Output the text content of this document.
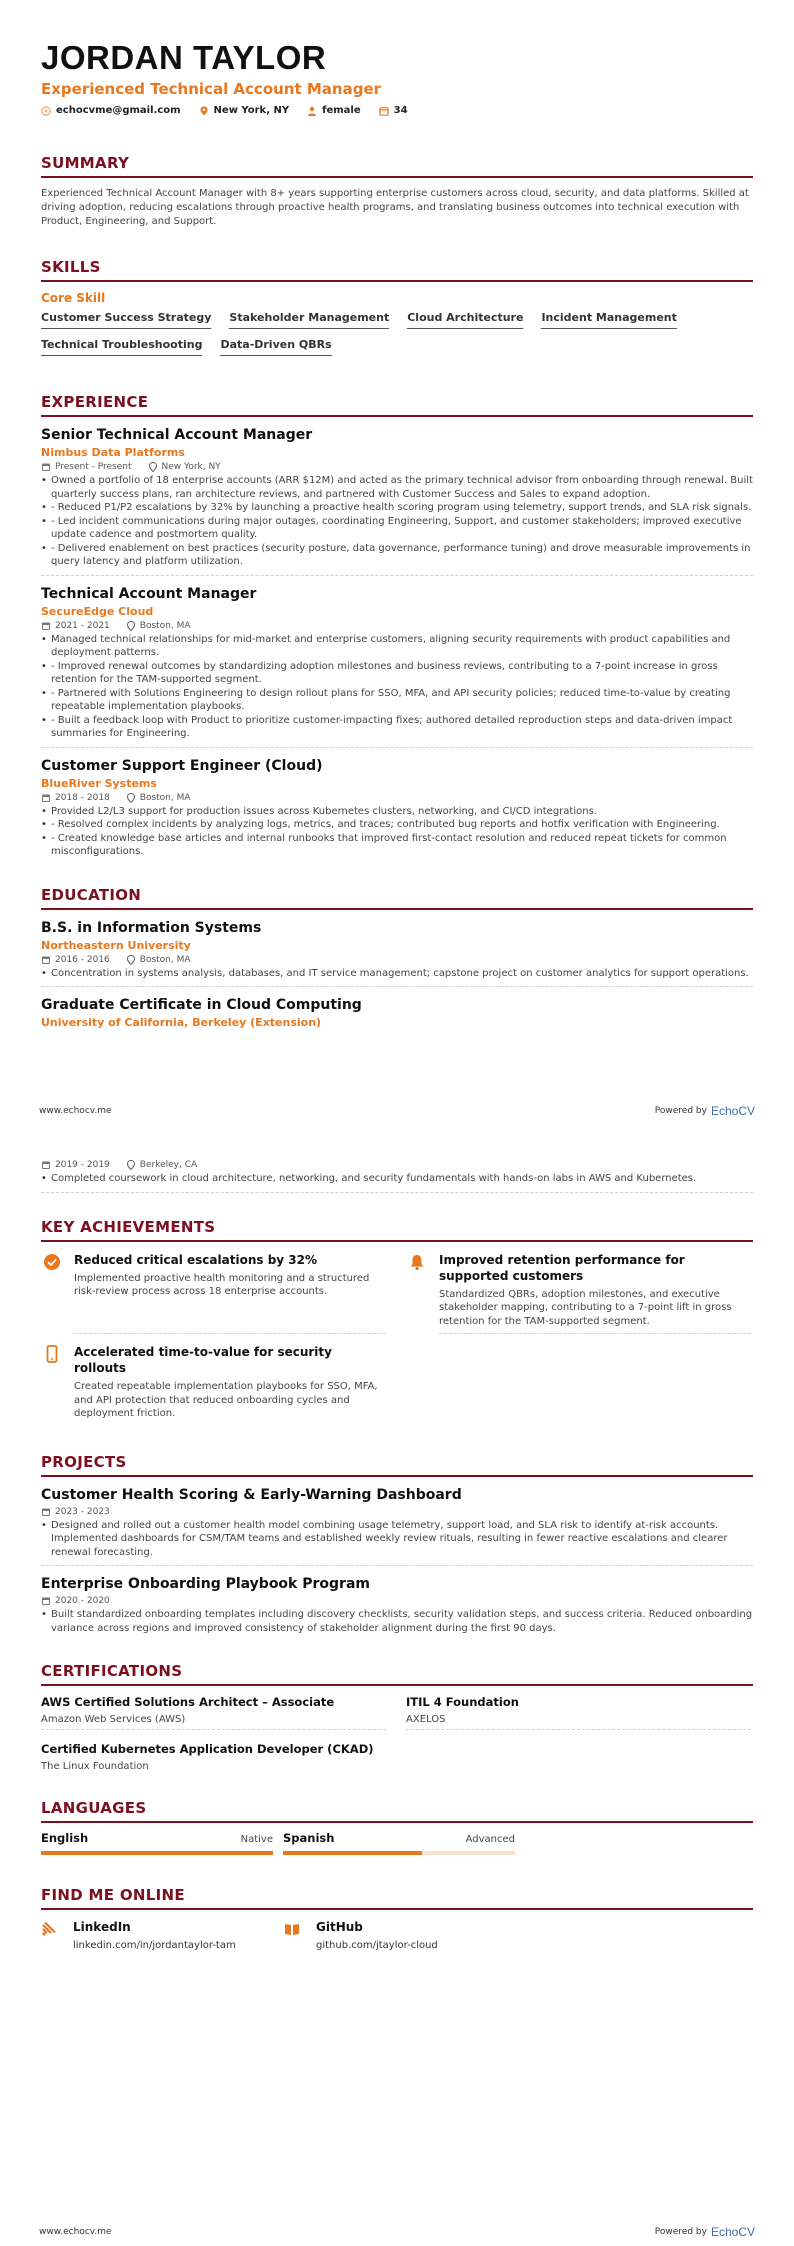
JORDAN TAYLOR
Experienced Technical Account Manager
echocvme@gmail.com	New York, NY	female	34
SUMMARY
Experienced Technical Account Manager with 8+ years supporting enterprise customers across cloud, security, and data platforms. Skilled at driving adoption, reducing escalations through proactive health programs, and translating business outcomes into technical execution with Product, Engineering, and Support.
SKILLS
Core Skill
Customer Success Strategy Stakeholder Management Cloud Architecture Incident Management
Technical Troubleshooting Data-Driven QBRs
EXPERIENCE
Senior Technical Account Manager
Nimbus Data Platforms
Present - Present	New York, NY
• Owned a portfolio of 18 enterprise accounts (ARR $12M) and acted as the primary technical advisor from onboarding through renewal. Built quarterly success plans, ran architecture reviews, and partnered with Customer Success and Sales to expand adoption.
• - Reduced P1/P2 escalations by 32% by launching a proactive health scoring program using telemetry, support trends, and SLA risk signals.
• - Led incident communications during major outages, coordinating Engineering, Support, and customer stakeholders; improved executive update cadence and postmortem quality.
• - Delivered enablement on best practices (security posture, data governance, performance tuning) and drove measurable improvements in query latency and platform utilization.
Technical Account Manager
SecureEdge Cloud
2021 - 2021	Boston, MA
• Managed technical relationships for mid-market and enterprise customers, aligning security requirements with product capabilities and deployment patterns.
• - Improved renewal outcomes by standardizing adoption milestones and business reviews, contributing to a 7-point increase in gross retention for the TAM-supported segment.
• - Partnered with Solutions Engineering to design rollout plans for SSO, MFA, and API security policies; reduced time-to-value by creating repeatable implementation playbooks.
• - Built a feedback loop with Product to prioritize customer-impacting fixes; authored detailed reproduction steps and data-driven impact summaries for Engineering.
Customer Support Engineer (Cloud)
BlueRiver Systems
2018 - 2018	Boston, MA
• Provided L2/L3 support for production issues across Kubernetes clusters, networking, and CI/CD integrations.
• - Resolved complex incidents by analyzing logs, metrics, and traces; contributed bug reports and hotfix verification with Engineering.
• - Created knowledge base articles and internal runbooks that improved first-contact resolution and reduced repeat tickets for common misconfigurations.
EDUCATION
B.S. in Information Systems
Northeastern University
2016 - 2016	Boston, MA
• Concentration in systems analysis, databases, and IT service management; capstone project on customer analytics for support operations.
Graduate Certificate in Cloud Computing
University of California, Berkeley (Extension)
www.echocv.me	Powered by EchoCV
2019 - 2019	Berkeley, CA
• Completed coursework in cloud architecture, networking, and security fundamentals with hands-on labs in AWS and Kubernetes.
KEY ACHIEVEMENTS
Reduced critical escalations by 32%
Implemented proactive health monitoring and a structured risk-review process across 18 enterprise accounts.
Improved retention performance for supported customers
Standardized QBRs, adoption milestones, and executive stakeholder mapping, contributing to a 7-point lift in gross retention for the TAM-supported segment.
Accelerated time-to-value for security rollouts
Created repeatable implementation playbooks for SSO, MFA, and API protection that reduced onboarding cycles and deployment friction.
PROJECTS
Customer Health Scoring & Early-Warning Dashboard
2023 - 2023
• Designed and rolled out a customer health model combining usage telemetry, support load, and SLA risk to identify at-risk accounts. Implemented dashboards for CSM/TAM teams and established weekly review rituals, resulting in fewer reactive escalations and clearer renewal forecasting.
Enterprise Onboarding Playbook Program
2020 - 2020
• Built standardized onboarding templates including discovery checklists, security validation steps, and success criteria. Reduced onboarding variance across regions and improved consistency of stakeholder alignment during the first 90 days.
CERTIFICATIONS
AWS Certified Solutions Architect – Associate
Amazon Web Services (AWS)
ITIL 4 Foundation
AXELOS
Certified Kubernetes Application Developer (CKAD)
The Linux Foundation
LANGUAGES
English	Native Spanish	Advanced
FIND ME ONLINE
LinkedIn
linkedin.com/in/jordantaylor-tam
GitHub
github.com/jtaylor-cloud
www.echocv.me	Powered by EchoCV
